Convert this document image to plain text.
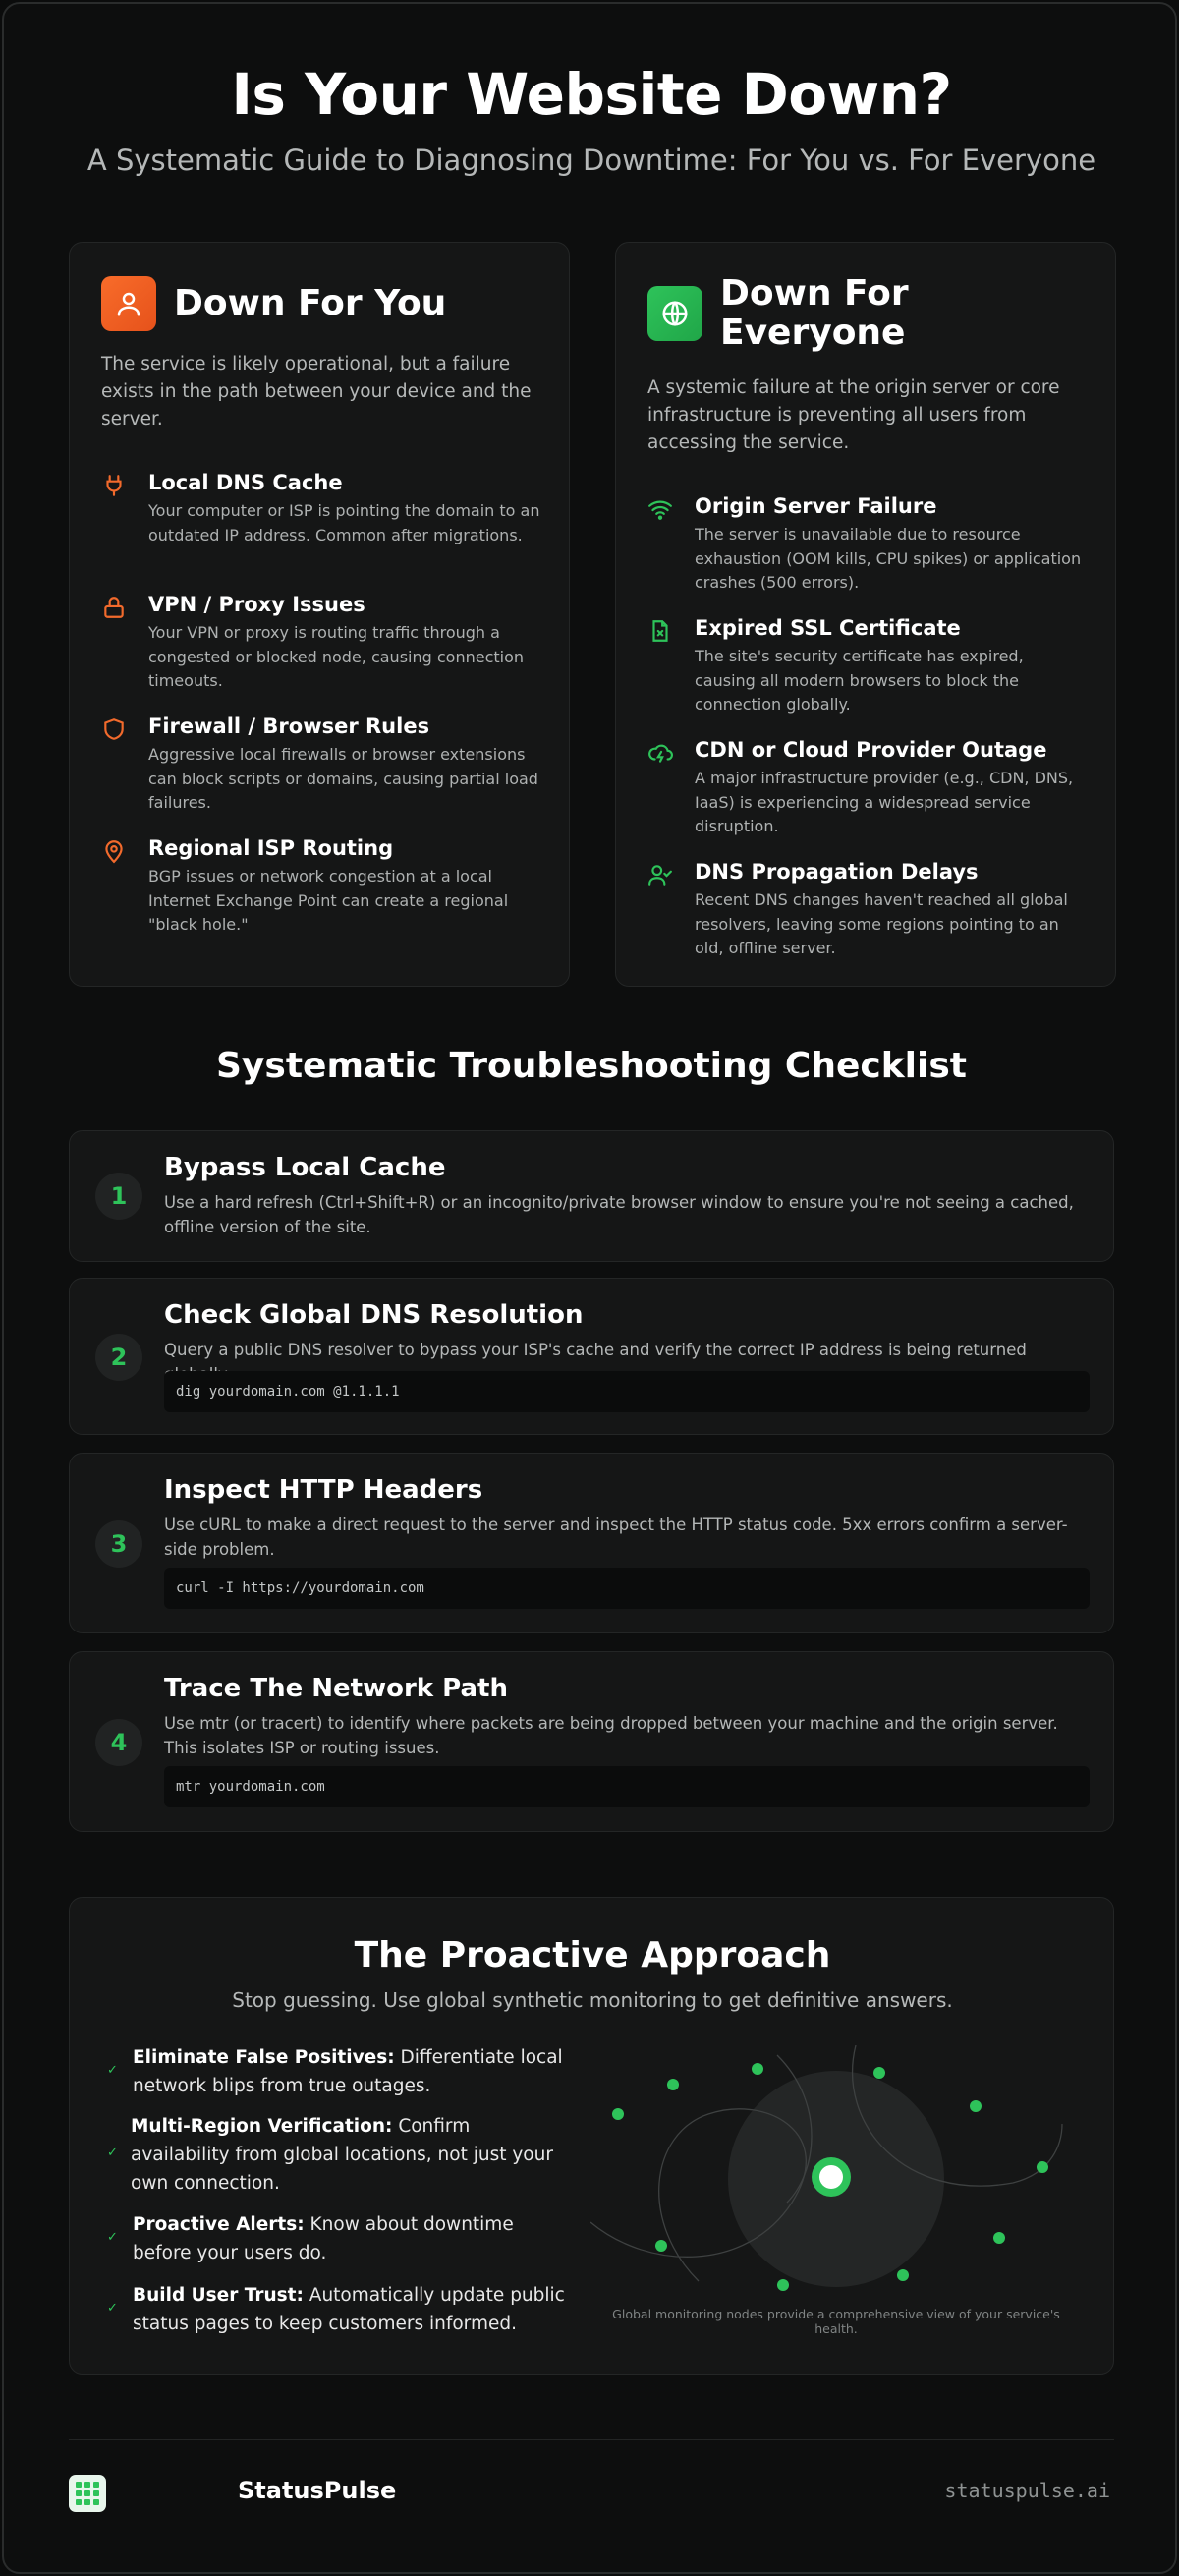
Is Your Website Down?
A Systematic Guide to Diagnosing Downtime: For You vs. For Everyone
Down For You
The service is likely operational, but a failure exists in the path between your device and the server.
Local DNS Cache
Your computer or ISP is pointing the domain to an outdated IP address. Common after migrations.
VPN / Proxy Issues
Your VPN or proxy is routing traffic through a congested or blocked node, causing connection timeouts.
Firewall / Browser Rules
Aggressive local firewalls or browser extensions can block scripts or domains, causing partial load failures.
Regional ISP Routing
BGP issues or network congestion at a local Internet Exchange Point can create a regional "black hole."
Down For
Everyone
A systemic failure at the origin server or core infrastructure is preventing all users from accessing the service.
Origin Server Failure
The server is unavailable due to resource exhaustion (OOM kills, CPU spikes) or application crashes (500 errors).
Expired SSL Certificate
The site's security certificate has expired, causing all modern browsers to block the connection globally.
CDN or Cloud Provider Outage
A major infrastructure provider (e.g., CDN, DNS, IaaS) is experiencing a widespread service disruption.
DNS Propagation Delays
Recent DNS changes haven't reached all global resolvers, leaving some regions pointing to an old, offline server.
Systematic Troubleshooting Checklist
1
Bypass Local Cache
Use a hard refresh (Ctrl+Shift+R) or an incognito/private browser window to ensure you're not seeing a cached, offline version of the site.
2
Check Global DNS Resolution
Query a public DNS resolver to bypass your ISP's cache and verify the correct IP address is being returned
dig yourdomain.com @1.1.1.1
3
Inspect HTTP Headers
Use cURL to make a direct request to the server and inspect the HTTP status code. 5xx errors confirm a server-side problem.
curl -I https://yourdomain.com
4
Trace The Network Path
Use mtr (or tracert) to identify where packets are being dropped between your machine and the origin server. This isolates ISP or routing issues.
mtr yourdomain.com
The Proactive Approach
Stop guessing. Use global synthetic monitoring to get definitive answers.
✓
Eliminate False Positives: Differentiate local network blips from true outages.
✓
Multi-Region Verification: Confirm availability from global locations, not just your own connection.
✓
Proactive Alerts: Know about downtime before your users do.
✓
Build User Trust: Automatically update public status pages to keep customers informed.	Global monitoring nodes provide a comprehensive view of your service's health.
StatusPulse	statuspulse.ai
